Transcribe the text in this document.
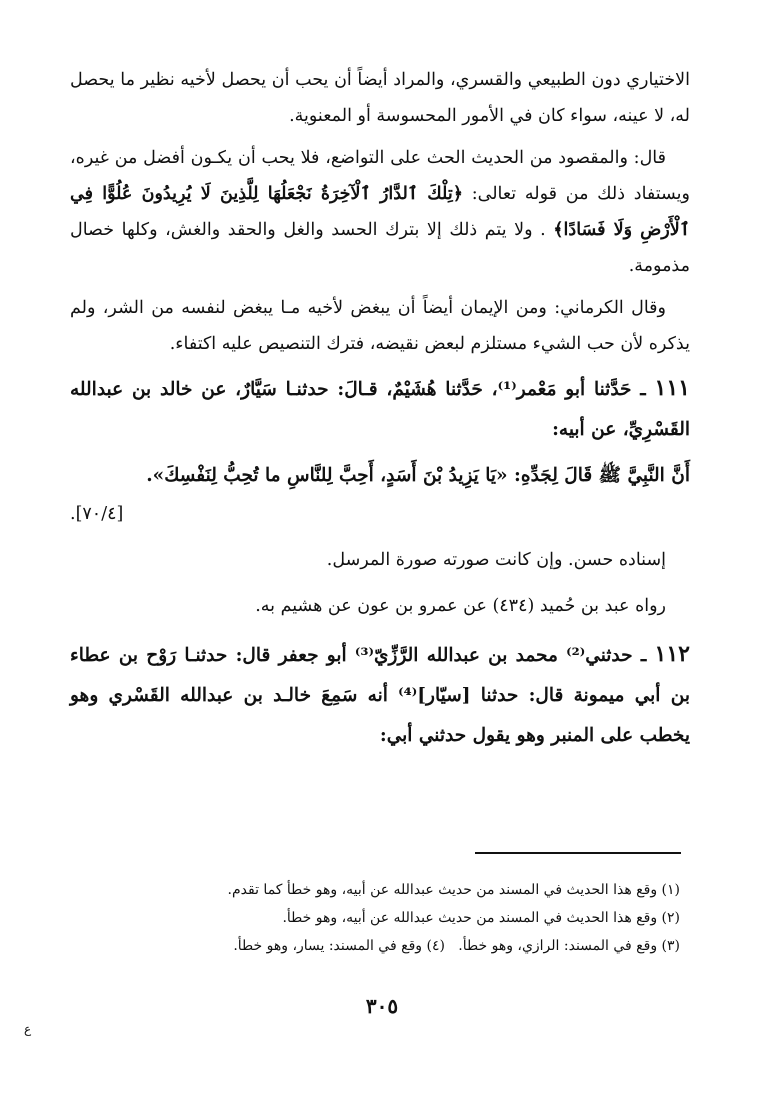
الاختياري دون الطبيعي والقسري، والمراد أيضاً أن يحب أن يحصل لأخيه نظير ما يحصل له، لا عينه، سواء كان في الأمور المحسوسة أو المعنوية.

قال: والمقصود من الحديث الحث على التواضع، فلا يحب أن يكـون أفضل من غيره، ويستفاد ذلك من قوله تعالى: ﴿تِلْكَ ٱلدَّارُ ٱلْآخِرَةُ نَجْعَلُهَا لِلَّذِينَ لَا يُرِيدُونَ عُلُوًّا فِي ٱلْأَرْضِ وَلَا فَسَادًا﴾ . ولا يتم ذلك إلا بترك الحسد والغل والحقد والغش، وكلها خصال مذمومة.

وقال الكرماني: ومن الإيمان أيضاً أن يبغض لأخيه مـا يبغض لنفسه من الشر، ولم يذكره لأن حب الشيء مستلزم لبعض نقيضه، فترك التنصيص عليه اكتفاء.

١١١ ـ حَدَّثنا أبو مَعْمر⁽¹⁾، حَدَّثنا هُشَيْمٌ، قـالَ: حدثنـا سَيَّارٌ، عن خالد بن عبدالله القَسْرِيِّ، عن أبيه:
أَنَّ النَّبِيَّ ﷺ قَالَ لِجَدِّهِ: «يَا يَزِيدُ بْنَ أَسَدٍ، أَحِبَّ لِلنَّاسِ ما تُحِبُّ لِنَفْسِكَ».
[٧٠/٤].

إسناده حسن. وإن كانت صورته صورة المرسل.

رواه عبد بن حُميد (٤٣٤) عن عمرو بن عون عن هشيم به.

١١٢ ـ حدثني⁽²⁾ محمد بن عبدالله الرَّزِّيّ⁽³⁾ أبو جعفر قال: حدثنـا رَوْح بن عطاء بن أبي ميمونة قال: حدثنا [سيّار]⁽⁴⁾ أنه سَمِعَ خالـد بن عبدالله القَسْري وهو يخطب على المنبر وهو يقول حدثني أبي:
(١) وقع هذا الحديث في المسند من حديث عبدالله عن أبيه، وهو خطأ كما تقدم.
(٢) وقع هذا الحديث في المسند من حديث عبدالله عن أبيه، وهو خطأ.
(٣) وقع في المسند: الرازي، وهو خطأ.   (٤) وقع في المسند: يسار، وهو خطأ.
٣٠٥
ع
